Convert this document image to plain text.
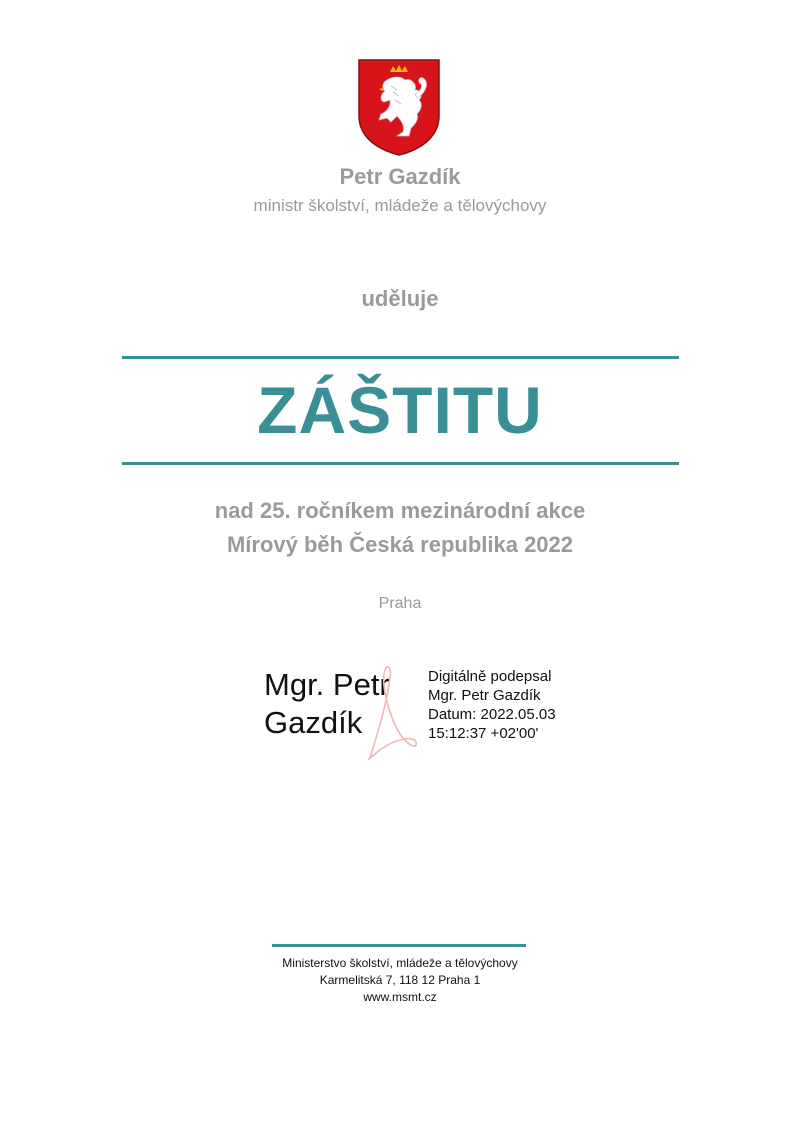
Petr Gazdík
ministr školství, mládeže a tělovýchovy
uděluje
ZÁŠTITU
nad 25. ročníkem mezinárodní akce
Mírový běh Česká republika 2022
Praha
Mgr. Petr
Gazdík
Digitálně podepsal
Mgr. Petr Gazdík
Datum: 2022.05.03
15:12:37 +02'00'
Ministerstvo školství, mládeže a tělovýchovy
Karmelitská 7, 118 12 Praha 1
www.msmt.cz
